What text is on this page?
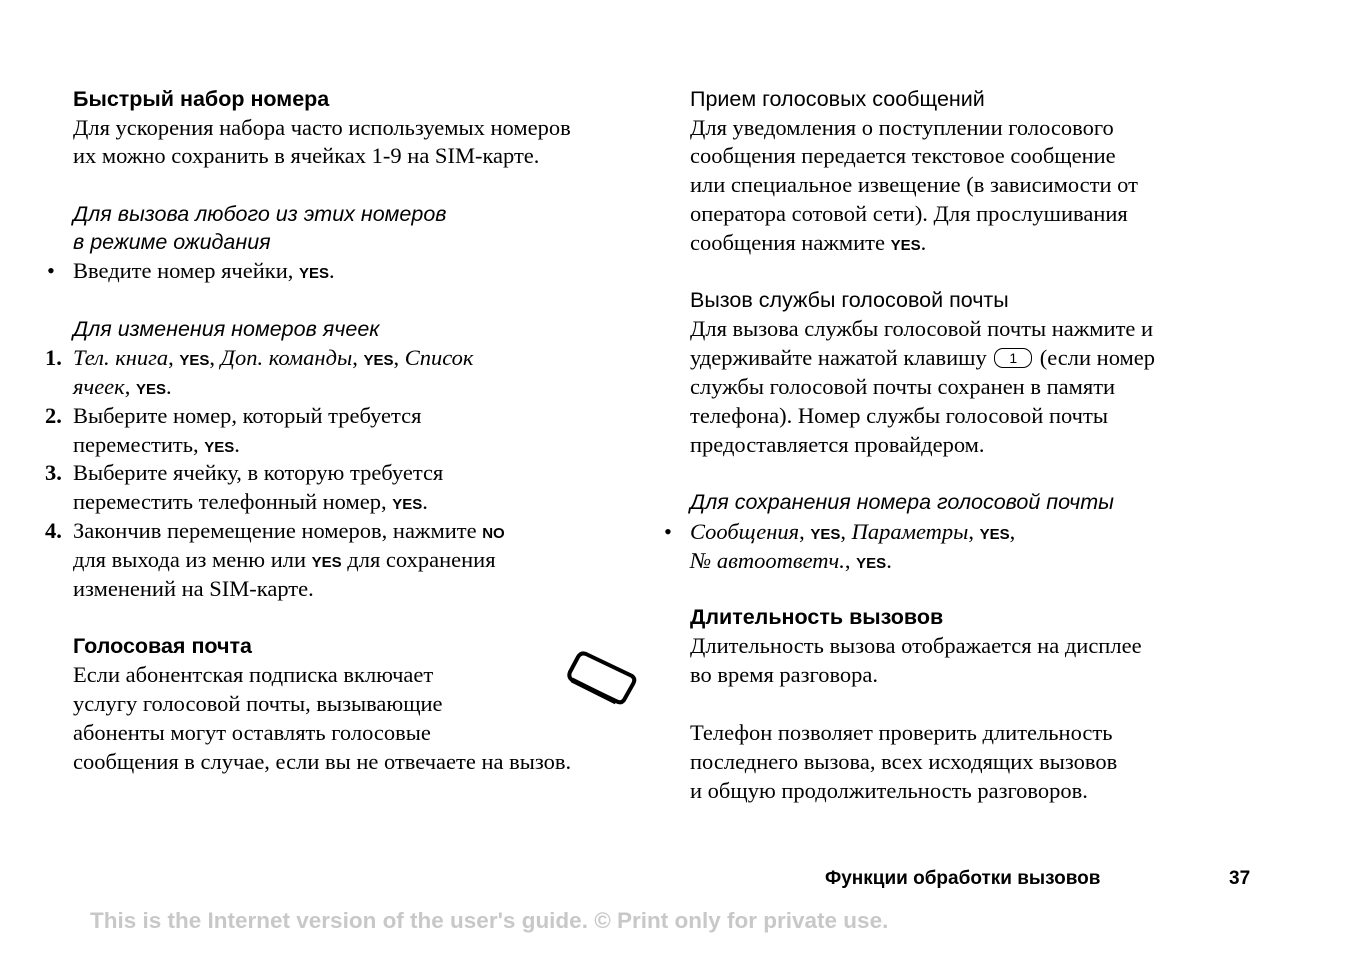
Быстрый набор номера
Для ускорения набора часто используемых номеров
их можно сохранить в ячейках 1-9 на SIM-карте.
Для вызова любого из этих номеров
в режиме ожидания
• Введите номер ячейки, YES.
Для изменения номеров ячеек
1. Тел. книга, YES, Доп. команды, YES, Список
ячеек, YES.
2. Выберите номер, который требуется
переместить, YES.
3. Выберите ячейку, в которую требуется
переместить телефонный номер, YES.
4. Закончив перемещение номеров, нажмите NO
для выхода из меню или YES для сохранения
изменений на SIM-карте.
Голосовая почта
Если абонентская подписка включает
услугу голосовой почты, вызывающие
абоненты могут оставлять голосовые
сообщения в случае, если вы не отвечаете на вызов.
Прием голосовых сообщений
Для уведомления о поступлении голосового
сообщения передается текстовое сообщение
или специальное извещение (в зависимости от
оператора сотовой сети). Для прослушивания
сообщения нажмите YES.
Вызов службы голосовой почты
Для вызова службы голосовой почты нажмите и
удерживайте нажатой клавишу 1 (если номер
службы голосовой почты сохранен в памяти
телефона). Номер службы голосовой почты
предоставляется провайдером.
Для сохранения номера голосовой почты
• Сообщения, YES, Параметры, YES,
№ автоответч., YES.
Длительность вызовов
Длительность вызова отображается на дисплее
во время разговора.
Телефон позволяет проверить длительность
последнего вызова, всех исходящих вызовов
и общую продолжительность разговоров.
Функции обработки вызовов	37
This is the Internet version of the user's guide. © Print only for private use.
